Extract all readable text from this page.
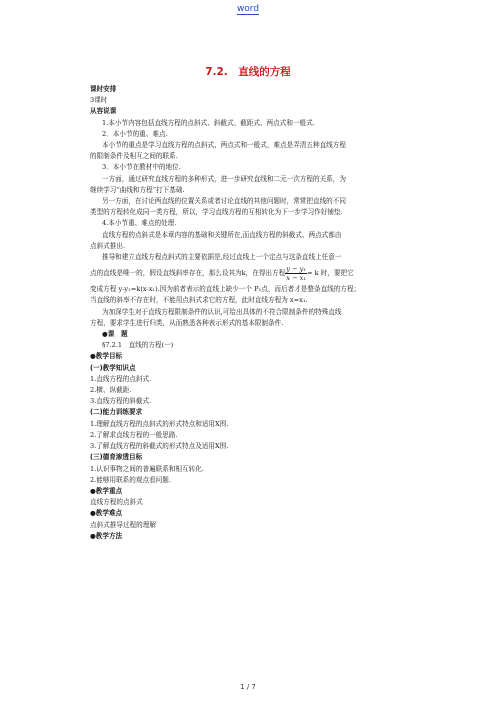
word
7.2.　直线的方程

课时安排

3课时

从容说课

1.本小节内容包括直线方程的点斜式、斜截式、截距式、两点式和一般式.

2．本小节的重、难点.

本小节的重点是学习直线方程的点斜式、两点式和一般式，难点是弄清五种直线方程

的限制条件及相互之间的联系.

3．本小节在教材中的地位.

一方面，通过研究直线方程的多种形式，进一步研究直线和二元一次方程的关系，为

继续学习“曲线和方程”打下基础.

另一方面，在讨论两直线的位置关系或者讨论直线的其他问题时，常常把直线的不同

类型的方程转化成同一类方程，所以，学习直线方程的互相转化为下一步学习作好铺垫.

4.本小节重、难点的处理.

直线方程的点斜式是本章内容的基础和关键所在,而直线方程的斜截式、两点式都由

点斜式推出.

推导和建立直线方程点斜式的主要依据是,经过直线上一个定点与这条直线上任意一

点的直线是唯一的，假设直线斜率存在，那么设其为k，在得出方程 $\frac{\text{y − y₁}}{\text{x − x₁}} = k$ 时，要把它

变成方程 y-y₁=k(x-x₁).因为前者表示的直线上缺少一个 P₁点，而后者才是整条直线的方程；

当直线的斜率不存在时，不能用点斜式求它的方程，此时直线方程为 x=x₁.

为加深学生对于直线方程限制条件的认识,可给出具体的不符合限制条件的特殊直线

方程，要求学生进行归类，从而熟悉各种表示形式的基本限制条件.

●课　题

§7.2.1　直线的方程(一)

●教学目标

(一)教学知识点

1.直线方程的点斜式.

2.横、纵截距.

3.直线方程的斜截式.

(二)能力训练要求

1.理解直线方程的点斜式的形式特点和适用X围.

2.了解求直线方程的一般思路.

3.了解直线方程的斜截式的形式特点及适用X围.

(三)德育渗透目标

1.认识事物之间的普遍联系和相互转化.

2.能够用联系的观点看问题.

●教学重点

直线方程的点斜式

●教学难点

点斜式推导过程的理解

●教学方法

1 / 7
